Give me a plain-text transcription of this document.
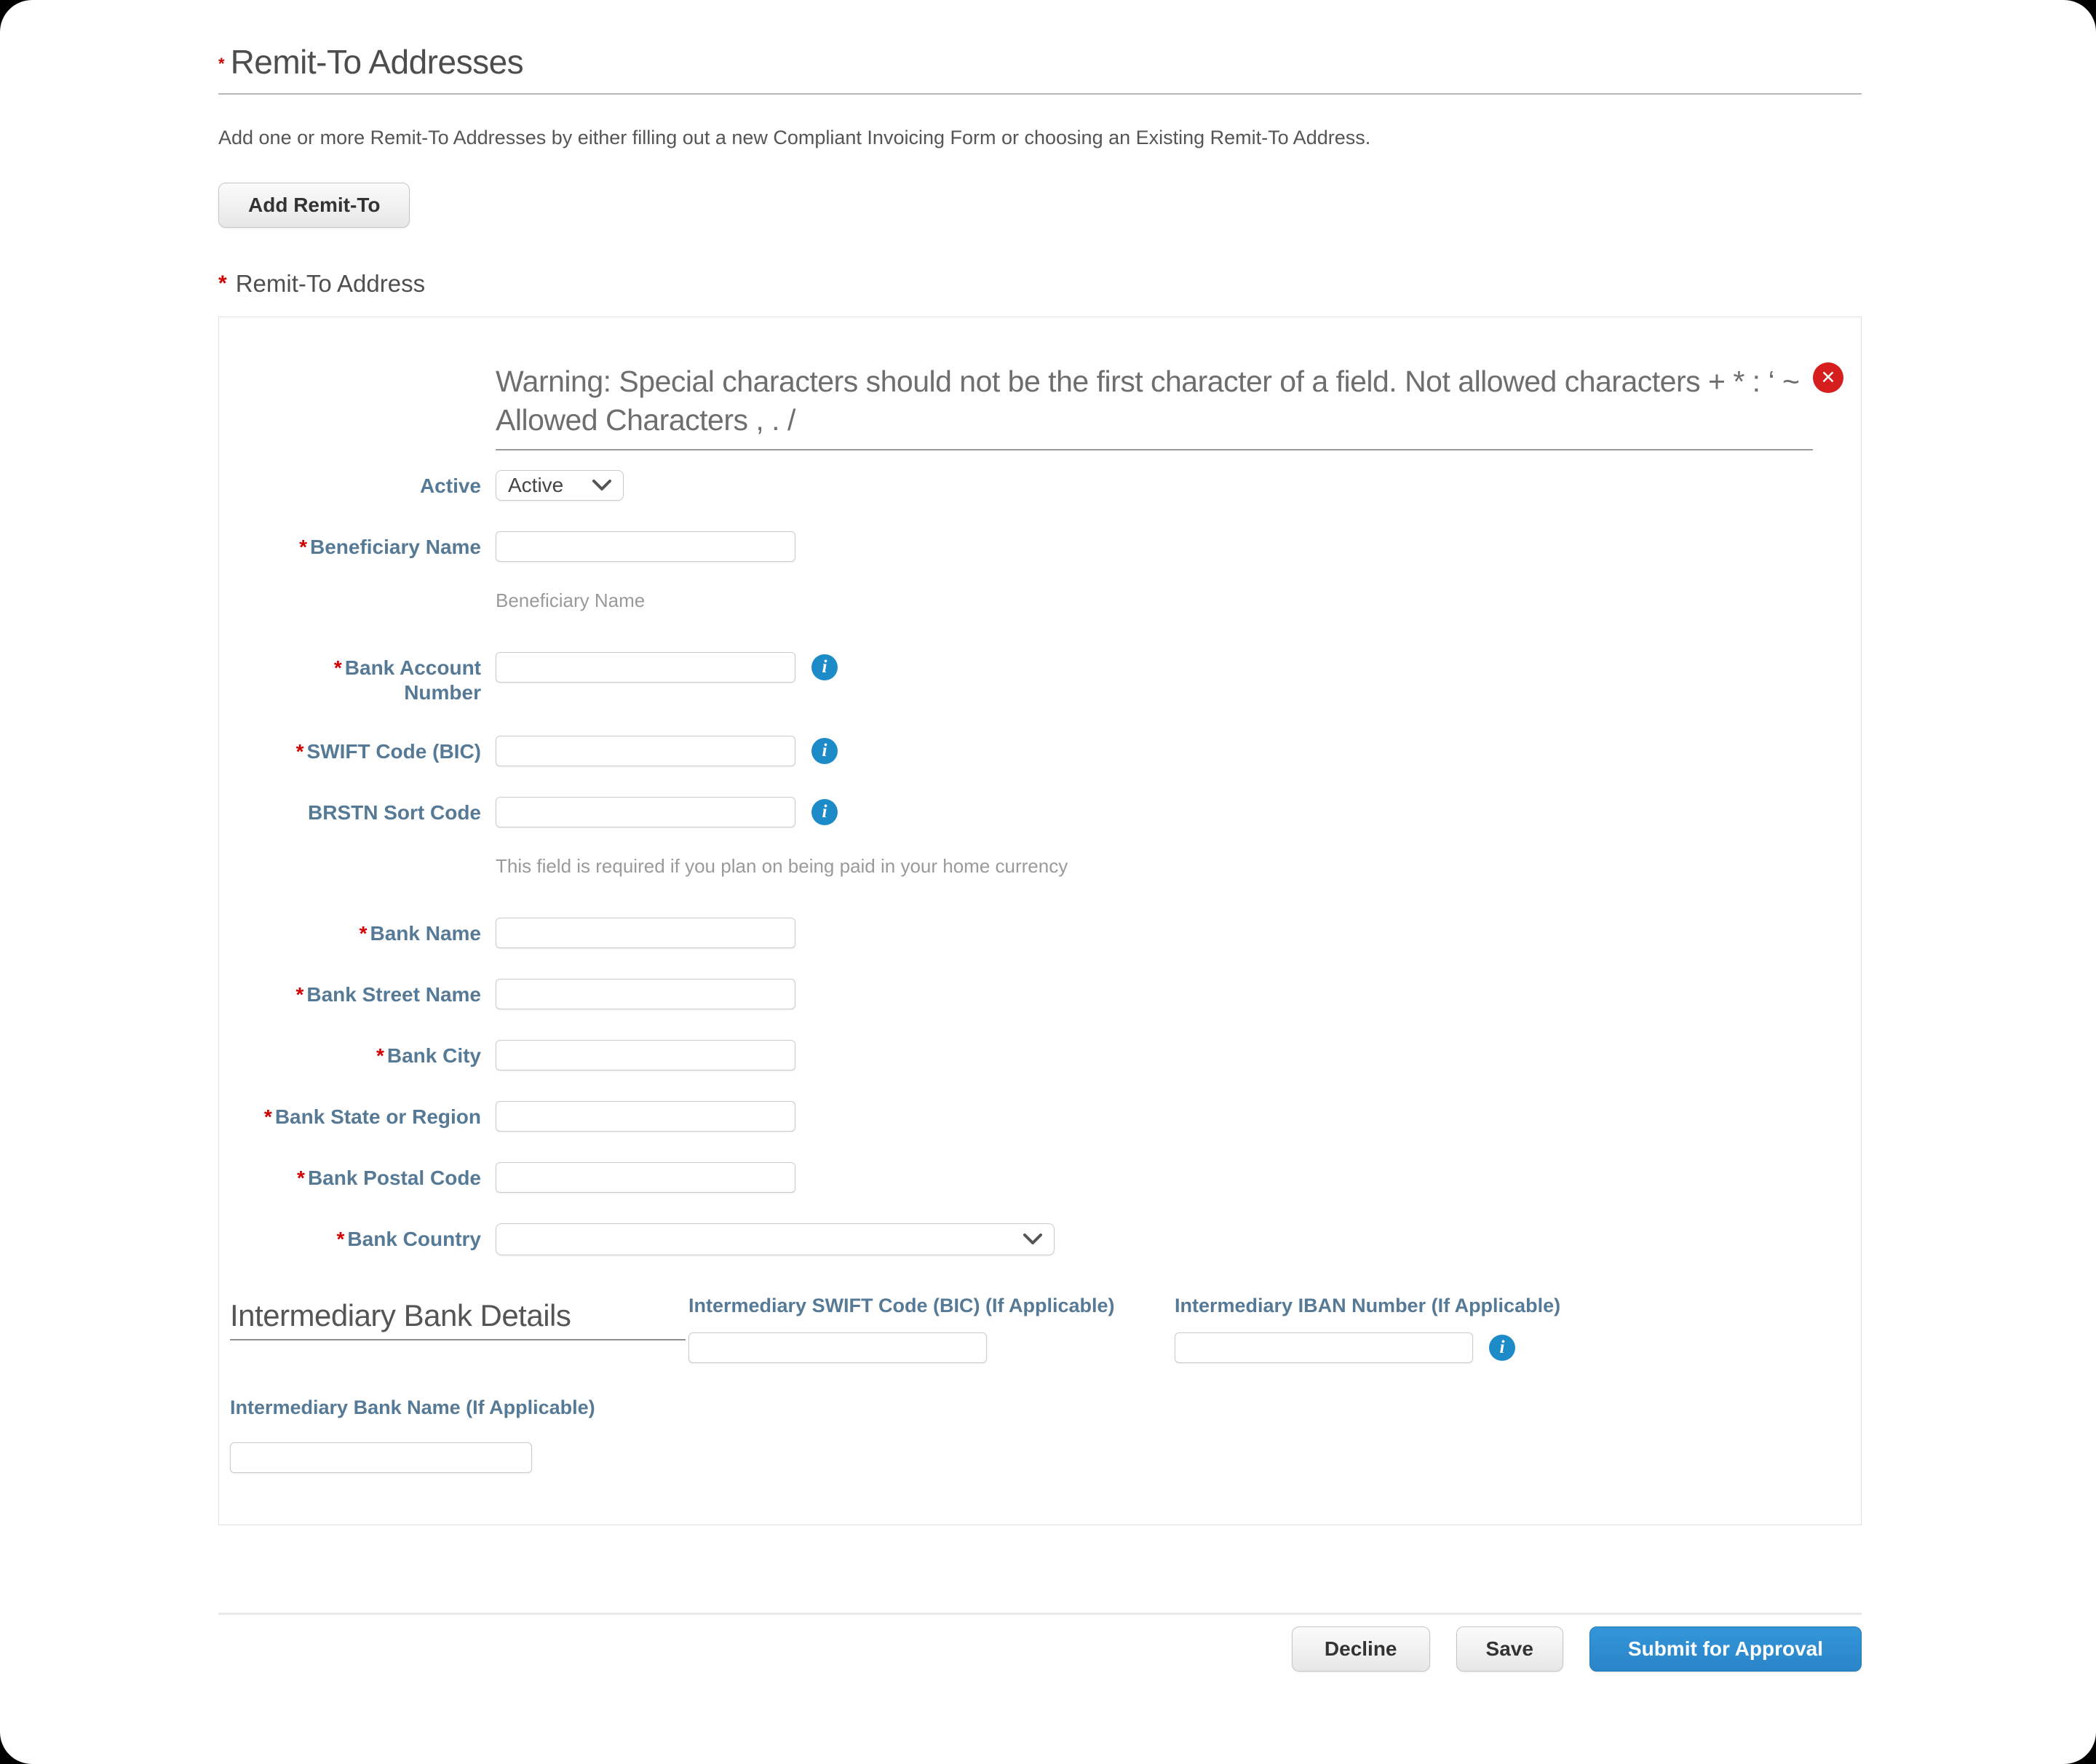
* Remit-To Addresses
Add one or more Remit-To Addresses by either filling out a new Compliant Invoicing Form or choosing an Existing Remit-To Address.
Add Remit-To
* Remit-To Address
✕
Warning: Special characters should not be the first character of a field. Not allowed characters + * : ‘ ~ Allowed Characters , . /
Active Active
* Beneficiary Name
Beneficiary Name
* Bank Account Number
i
* SWIFT Code (BIC)	i
BRSTN Sort Code	i
This field is required if you plan on being paid in your home currency
* Bank Name
* Bank Street Name
* Bank City
* Bank State or Region
* Bank Postal Code
* Bank Country
Intermediary Bank Details	Intermediary SWIFT Code (BIC) (If Applicable)	Intermediary IBAN Number (If Applicable)
i
Intermediary Bank Name (If Applicable)
Decline	Save	Submit for Approval
